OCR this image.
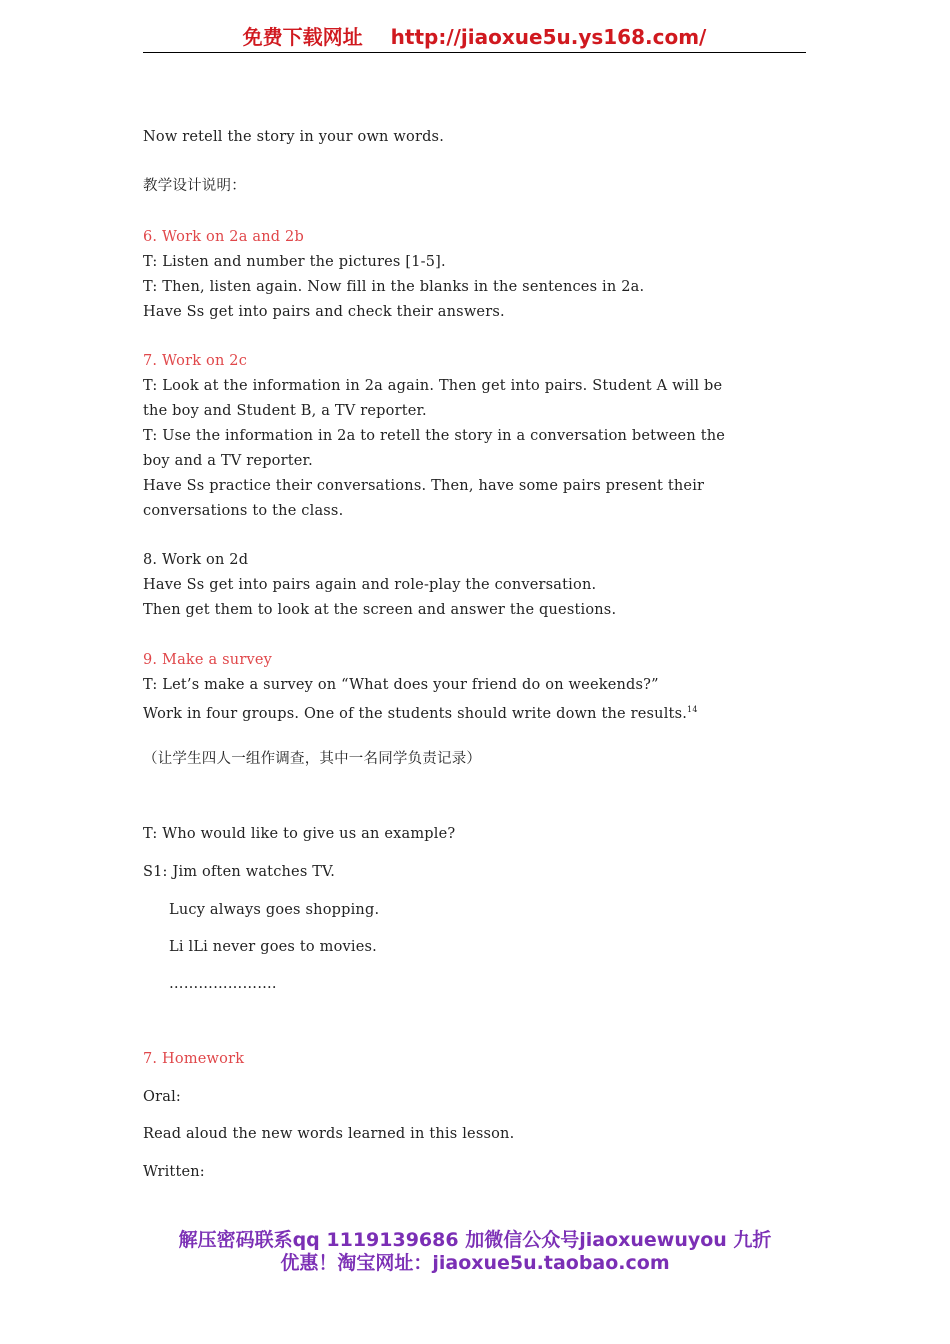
免费下载网址 http://jiaoxue5u.ys168.com/
Now retell the story in your own words.
教学设计说明：
6. Work on 2a and 2b
T: Listen and number the pictures [1-5].
T: Then, listen again. Now fill in the blanks in the sentences in 2a.
Have Ss get into pairs and check their answers.
7. Work on 2c
T: Look at the information in 2a again. Then get into pairs. Student A will be
the boy and Student B, a TV reporter.
T: Use the information in 2a to retell the story in a conversation between the
boy and a TV reporter.
Have Ss practice their conversations. Then, have some pairs present their
conversations to the class.
8. Work on 2d
Have Ss get into pairs again and role-play the conversation.
Then get them to look at the screen and answer the questions.
9. Make a survey
T: Let’s make a survey on “What does your friend do on weekends?”
Work in four groups. One of the students should write down the results.$^{14}$
（让学生四人一组作调查，其中一名同学负责记录）
T: Who would like to give us an example?
S1: Jim often watches TV.
Lucy always goes shopping.
Li lLi never goes to movies.
………………….
7. Homework
Oral:
Read aloud the new words learned in this lesson.
Written:
解压密码联系qq 1119139686 加微信公众号jiaoxuewuyou 九折
优惠！淘宝网址：jiaoxue5u.taobao.com
